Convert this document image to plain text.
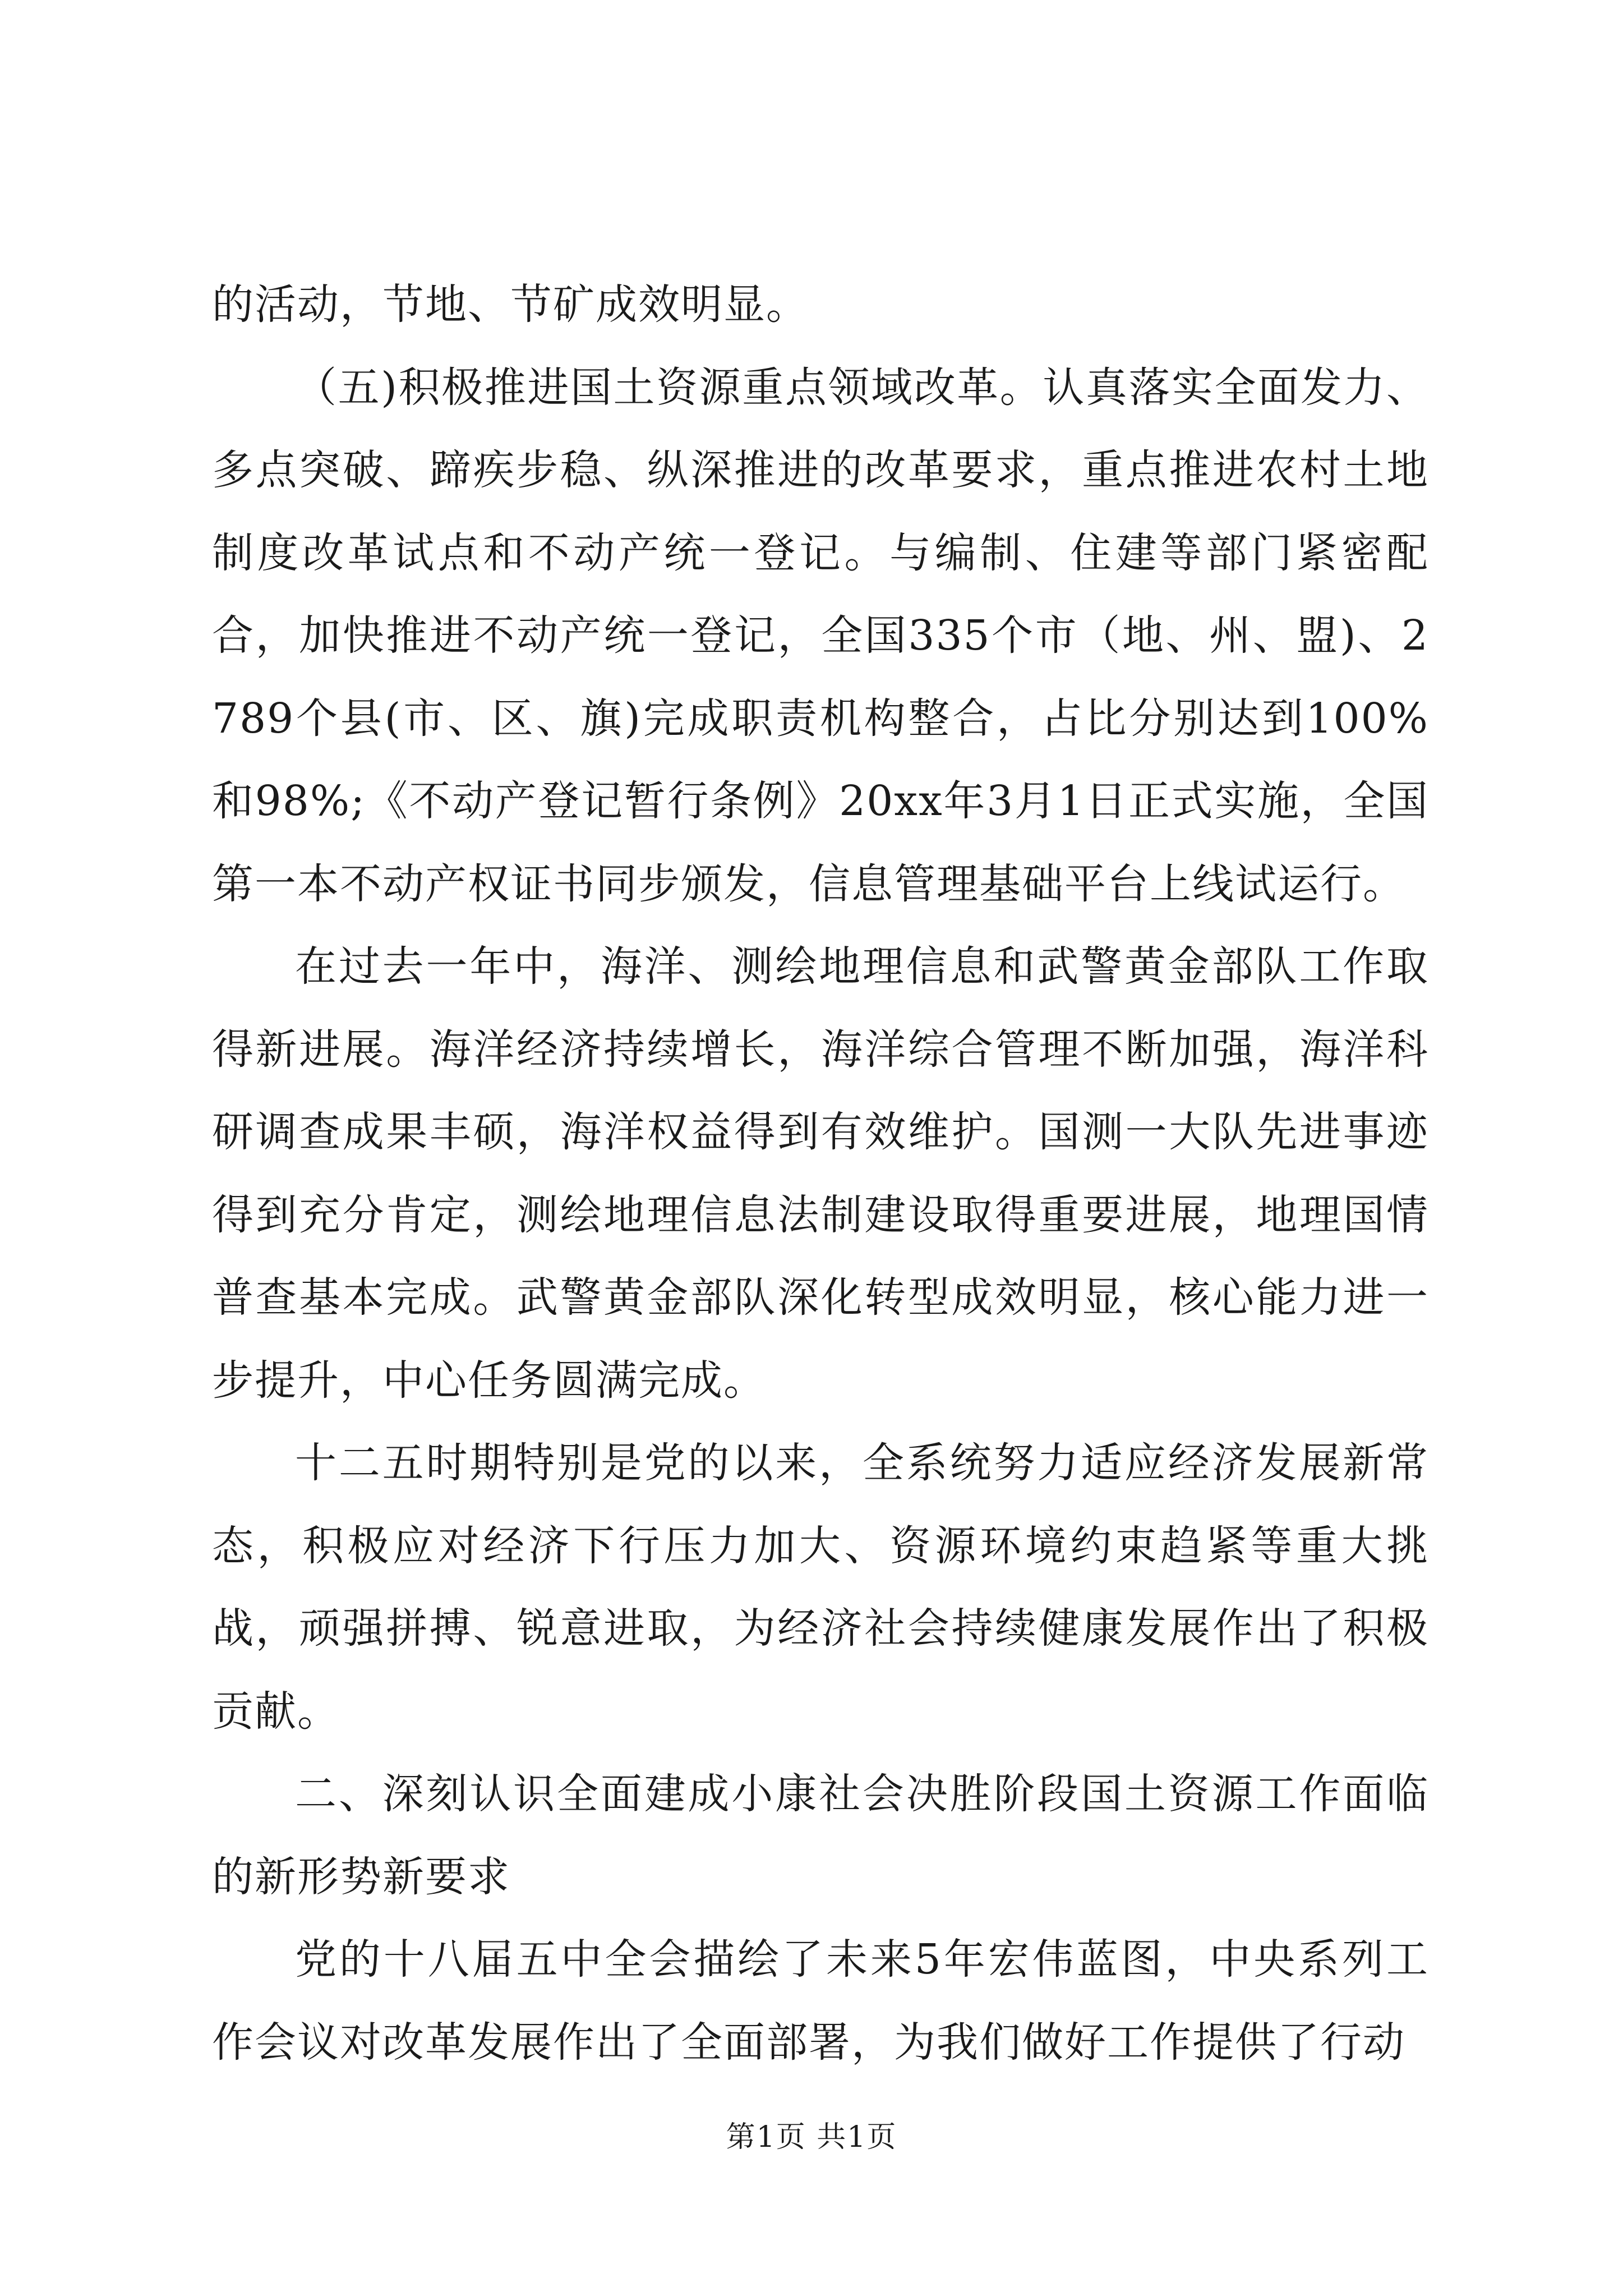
的活动，节地、节矿成效明显。

（五)积极推进国土资源重点领域改革。认真落实全面发力、多点突破、蹄疾步稳、纵深推进的改革要求，重点推进农村土地制度改革试点和不动产统一登记。与编制、住建等部门紧密配合，加快推进不动产统一登记，全国335个市（地、州、盟)、2789个县(市、区、旗)完成职责机构整合，占比分别达到100%和98%;《不动产登记暂行条例》20xx年3月1日正式实施，全国第一本不动产权证书同步颁发，信息管理基础平台上线试运行。

在过去一年中，海洋、测绘地理信息和武警黄金部队工作取得新进展。海洋经济持续增长，海洋综合管理不断加强，海洋科研调查成果丰硕，海洋权益得到有效维护。国测一大队先进事迹得到充分肯定，测绘地理信息法制建设取得重要进展，地理国情普查基本完成。武警黄金部队深化转型成效明显，核心能力进一步提升，中心任务圆满完成。

十二五时期特别是党的以来，全系统努力适应经济发展新常态，积极应对经济下行压力加大、资源环境约束趋紧等重大挑战，顽强拼搏、锐意进取，为经济社会持续健康发展作出了积极贡献。

二、深刻认识全面建成小康社会决胜阶段国土资源工作面临的新形势新要求

党的十八届五中全会描绘了未来5年宏伟蓝图，中央系列工作会议对改革发展作出了全面部署，为我们做好工作提供了行动

第1页 共1页
